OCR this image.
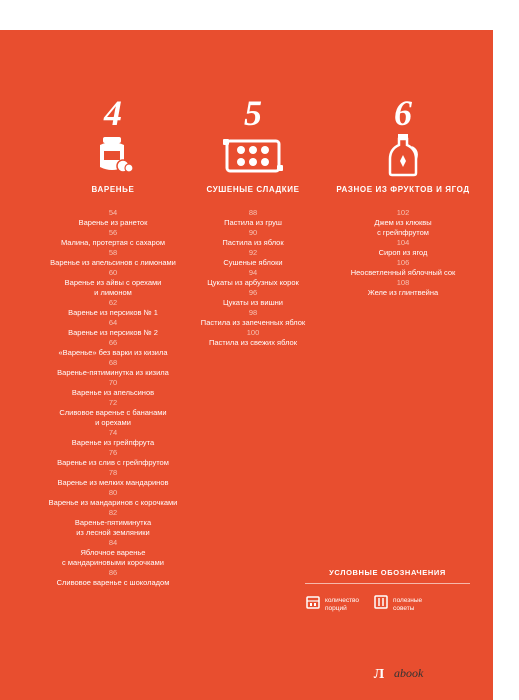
4
ВАРЕНЬЕ
54
Варенье из ранеток
56
Малина, протертая с сахаром
58
Варенье из апельсинов с лимонами
60
Варенье из айвы с орехами
и лимоном
62
Варенье из персиков № 1
64
Варенье из персиков № 2
66
«Варенье» без варки из кизила
68
Варенье-пятиминутка из кизила
70
Варенье из апельсинов
72
Сливовое варенье с бананами
и орехами
74
Варенье из грейпфрута
76
Варенье из слив с грейпфрутом
78
Варенье из мелких мандаринов
80
Варенье из мандаринов с корочками
82
Варенье-пятиминутка
из лесной земляники
84
Яблочное варенье
с мандариновыми корочками
86
Сливовое варенье с шоколадом
5
СУШЕНЫЕ СЛАДКИЕ
88
Пастила из груш
90
Пастила из яблок
92
Сушеные яблоки
94
Цукаты из арбузных корок
96
Цукаты из вишни
98
Пастила из запеченных яблок
100
Пастила из свежих яблок
6
РАЗНОЕ ИЗ ФРУКТОВ И ЯГОД
102
Джем из клюквы
с грейпфрутом
104
Сироп из ягод
106
Неосветленный яблочный сок
108
Желе из глинтвейна
УСЛОВНЫЕ ОБОЗНАЧЕНИЯ
количество
порций
полезные
советы
Л abook
